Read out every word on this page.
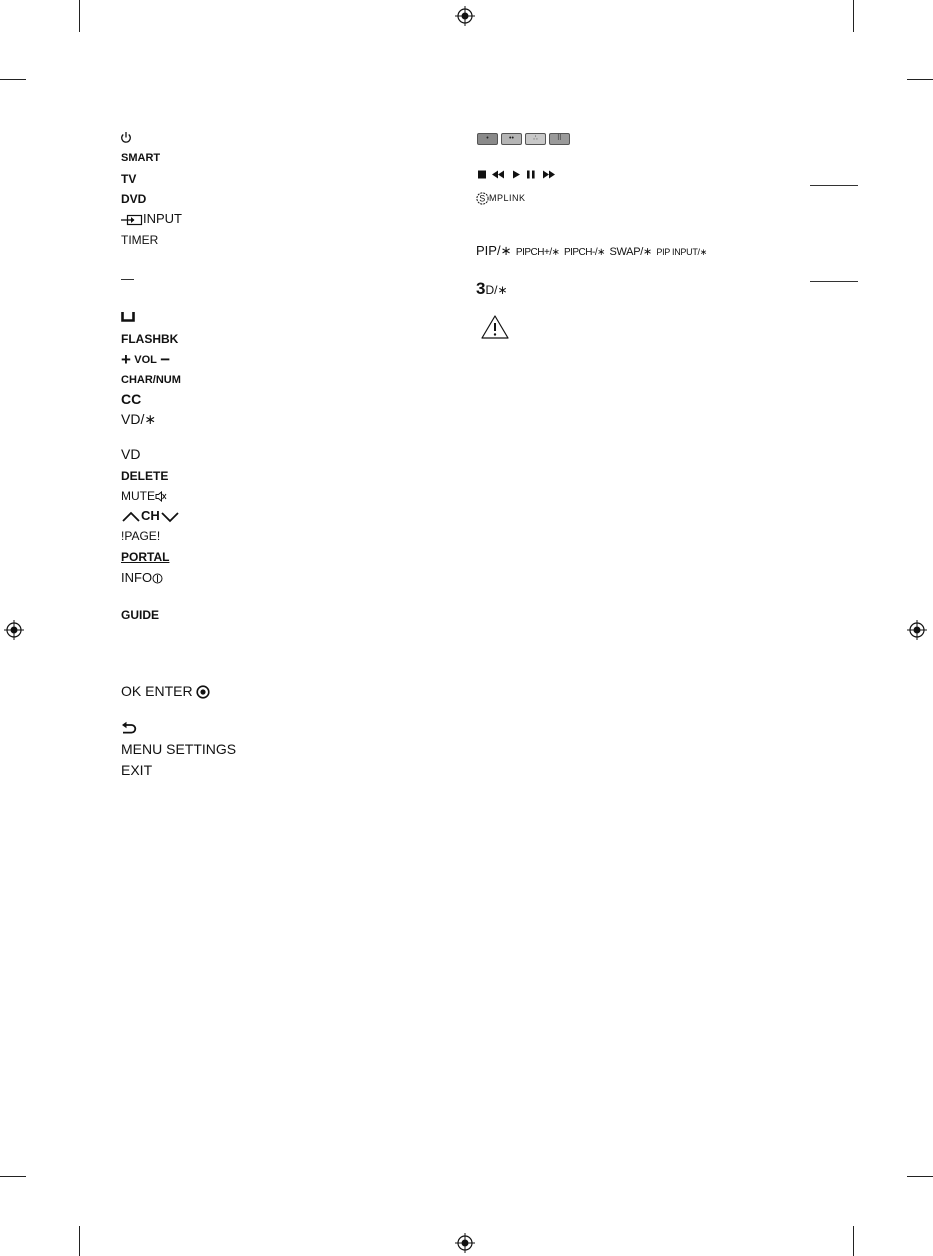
SMART
TV
DVD
INPUT
TIMER
—
FLASHBK
+ VOL −
CHAR/NUM
CC
VD/∗
VD
DELETE
MUTE
CH
ǃPAGEǃ
PORTAL
INFO
GUIDE
OK ENTER
MENU SETTINGS
EXIT
•	••	∴	⠿
S MPLINK
PIP/∗ PIPCH+/∗ PIPCH-/∗ SWAP/∗ PIP INPUT/∗
3D/∗
